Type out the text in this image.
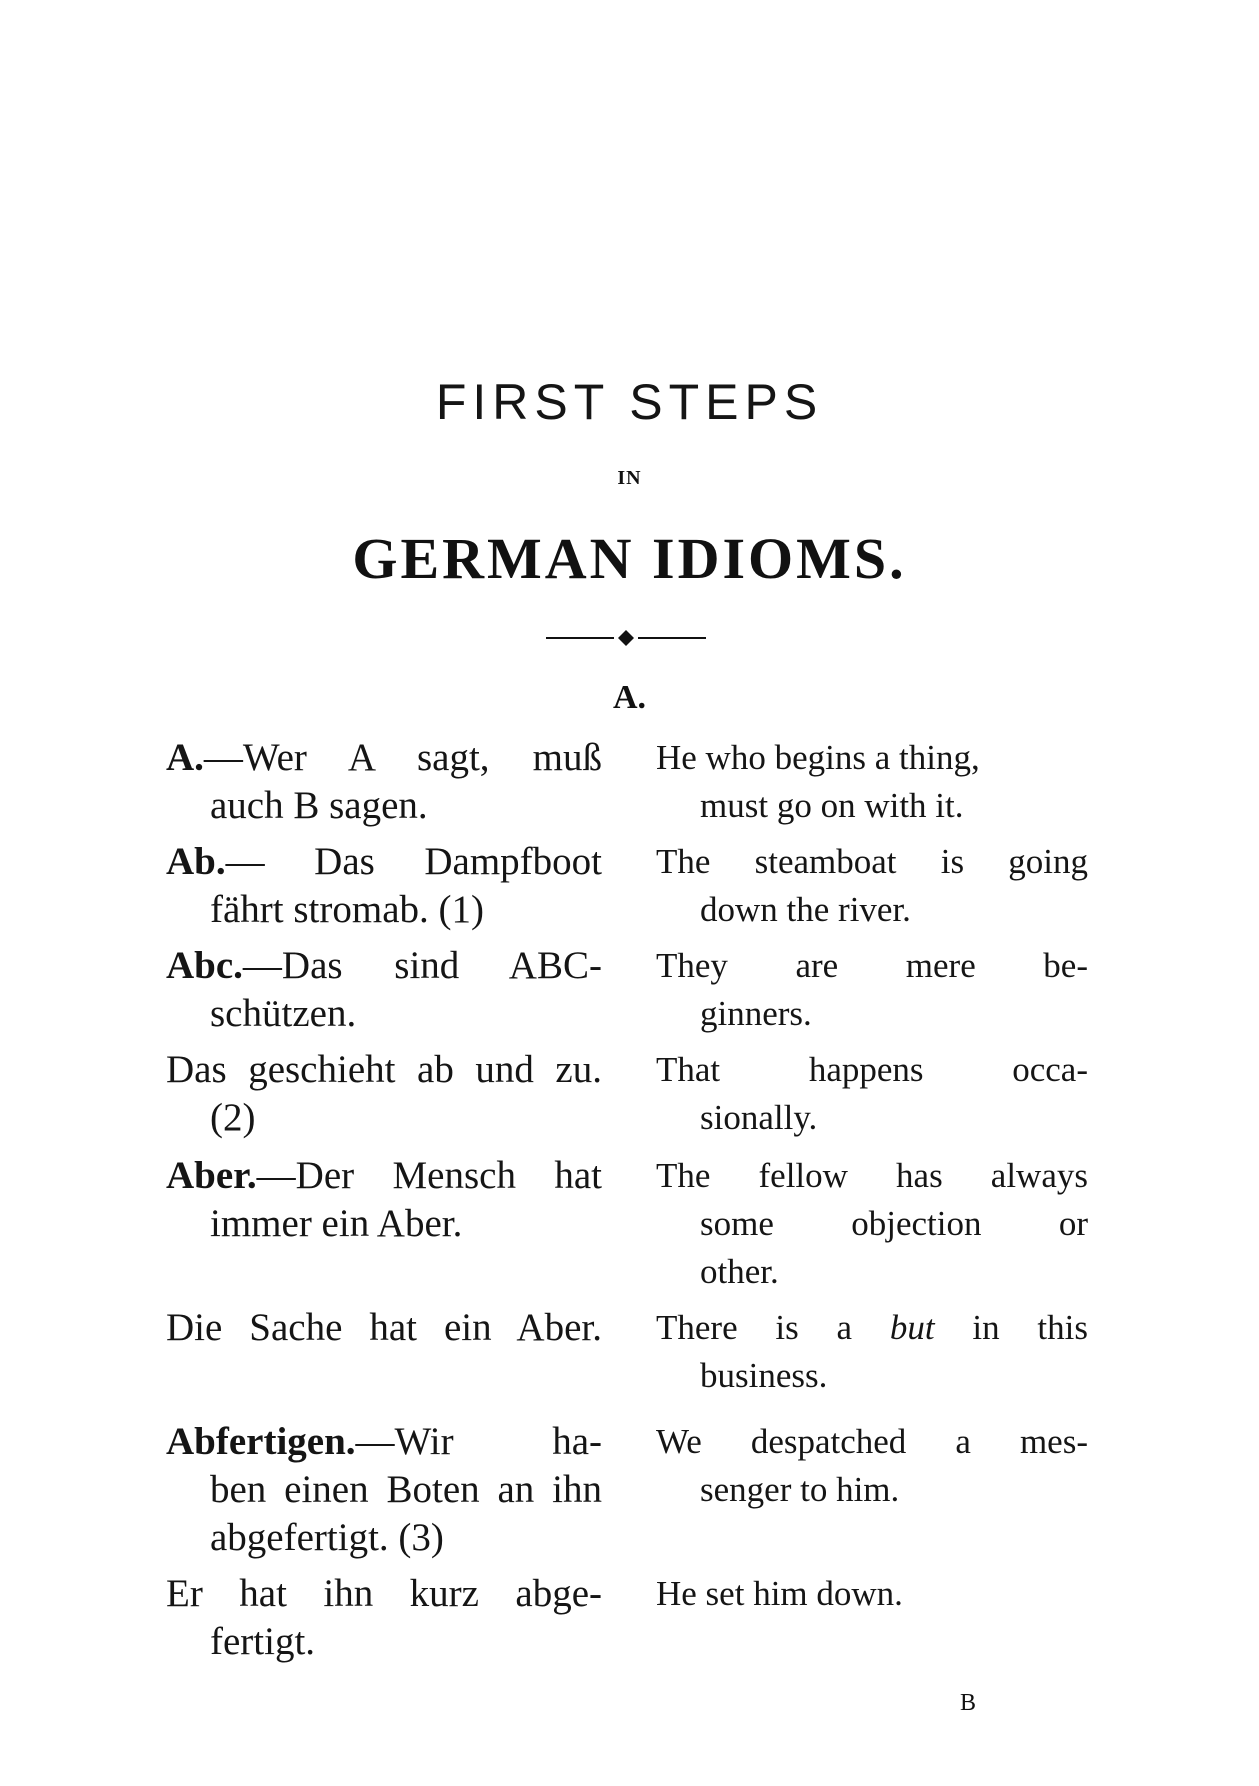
FIRST STEPS
IN
GERMAN IDIOMS.
A.
A.—Wer A sagt, muß
auch B sagen.
He who begins a thing,
must go on with it.
Ab.— Das Dampfboot
fährt stromab. (1)
The steamboat is going
down the river.
Abc.—Das sind ABC-
schützen.
They are mere be-
ginners.
Das geschieht ab und zu.
(2)
That happens occa-
sionally.
Aber.—Der Mensch hat
immer ein Aber.
The fellow has always
some objection or
other.
Die Sache hat ein Aber. There is a but in this
business.
Abfertigen.—Wir ha-
ben einen Boten an ihn
abgefertigt. (3)
We despatched a mes-
senger to him.
Er hat ihn kurz abge-
fertigt.
He set him down.
B
